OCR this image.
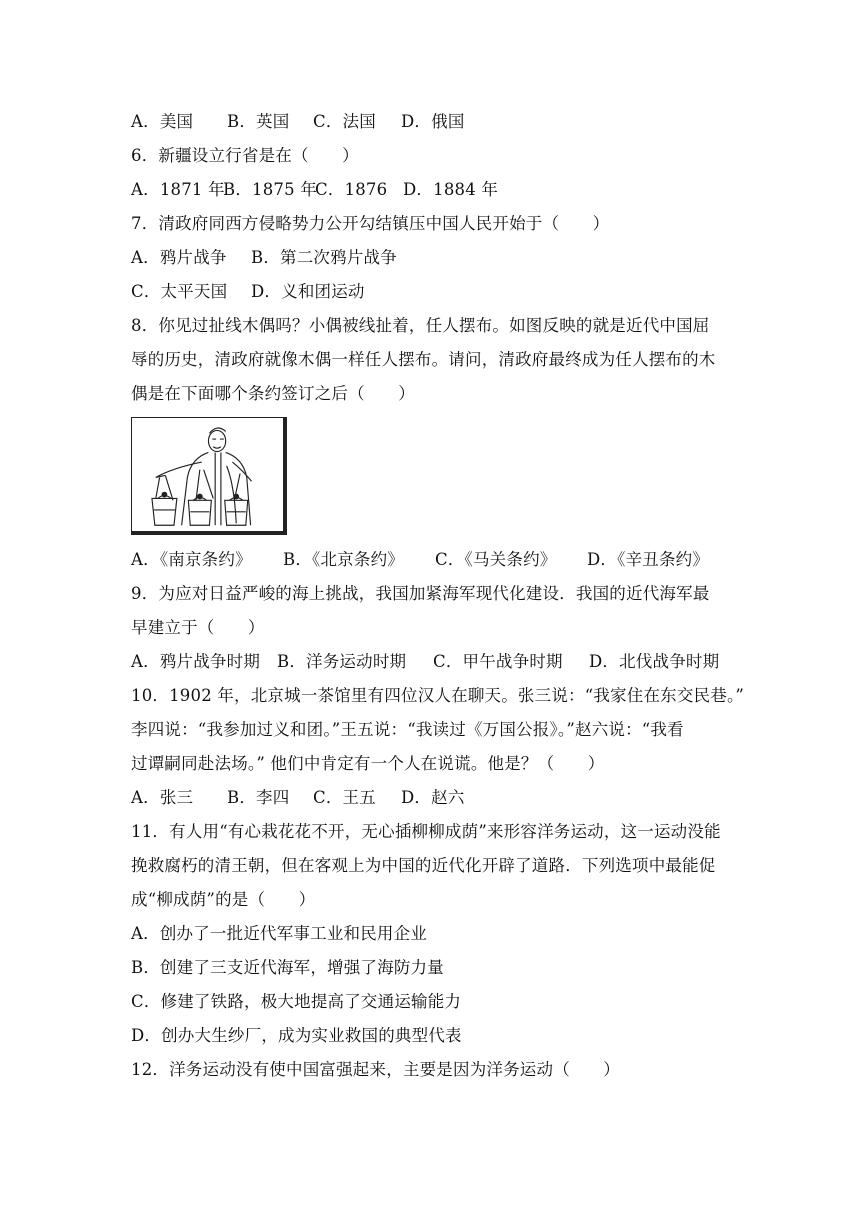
A．美国 B．英国 C．法国 D．俄国
6．新疆设立行省是在（　　）
A．1871 年B．1875 年C．1876 D．1884 年
7．清政府同西方侵略势力公开勾结镇压中国人民开始于（　　）
A．鸦片战争 B．第二次鸦片战争
C．太平天国 D．义和团运动
8．你见过扯线木偶吗？小偶被线扯着，任人摆布。如图反映的就是近代中国屈
辱的历史，清政府就像木偶一样任人摆布。请问，清政府最终成为任人摆布的木
偶是在下面哪个条约签订之后（　　）
A．《南京条约》 B．《北京条约》 C．《马关条约》 D．《辛丑条约》
9．为应对日益严峻的海上挑战，我国加紧海军现代化建设．我国的近代海军最
早建立于（　　）
A．鸦片战争时期 B．洋务运动时期 C．甲午战争时期 D．北伐战争时期
10．1902 年，北京城一茶馆里有四位汉人在聊天。张三说：“我家住在东交民巷。”
李四说：“我参加过义和团。”王五说：“我读过《万国公报》。”赵六说：“我看
过谭嗣同赴法场。” 他们中肯定有一个人在说谎。他是？（　　）
A．张三 B．李四 C．王五 D．赵六
11．有人用“有心栽花花不开，无心插柳柳成荫”来形容洋务运动，这一运动没能
挽救腐朽的清王朝，但在客观上为中国的近代化开辟了道路．下列选项中最能促
成“柳成荫”的是（　　）
A．创办了一批近代军事工业和民用企业
B．创建了三支近代海军，增强了海防力量
C．修建了铁路，极大地提高了交通运输能力
D．创办大生纱厂，成为实业救国的典型代表
12．洋务运动没有使中国富强起来，主要是因为洋务运动（　　）
